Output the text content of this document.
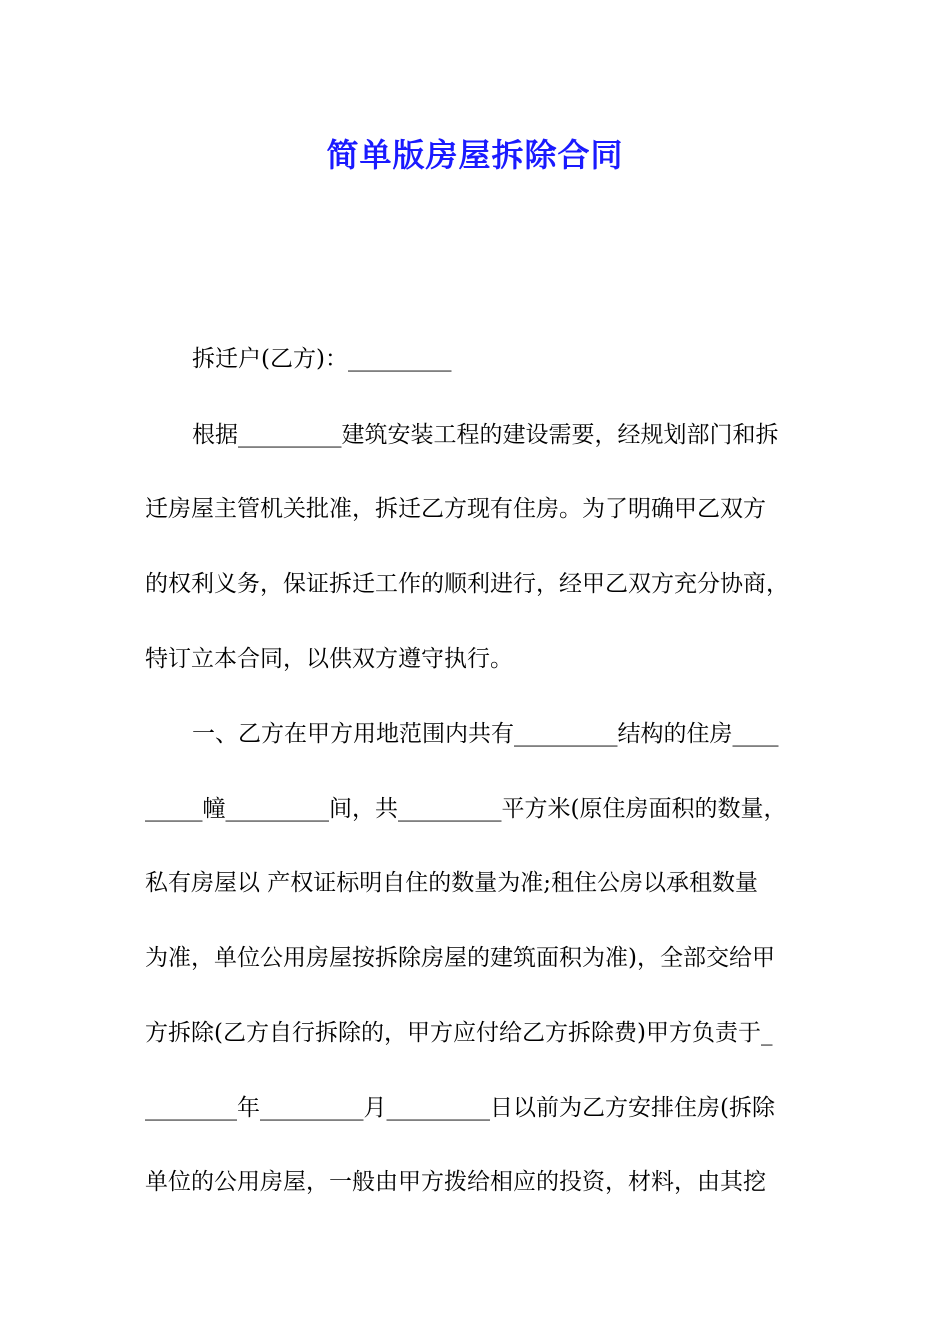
简单版房屋拆除合同

拆迁户(乙方)：_________

根据_________建筑安装工程的建设需要，经规划部门和拆

迁房屋主管机关批准，拆迁乙方现有住房。为了明确甲乙双方

的权利义务，保证拆迁工作的顺利进行，经甲乙双方充分协商，

特订立本合同，以供双方遵守执行。

一、乙方在甲方用地范围内共有_________结构的住房____

_____幢_________间，共_________平方米(原住房面积的数量，

私有房屋以 产权证标明自住的数量为准;租住公房以承租数量

为准，单位公用房屋按拆除房屋的建筑面积为准)，全部交给甲

方拆除(乙方自行拆除的，甲方应付给乙方拆除费)甲方负责于_

________年_________月_________日以前为乙方安排住房(拆除

单位的公用房屋，一般由甲方拨给相应的投资，材料，由其挖
